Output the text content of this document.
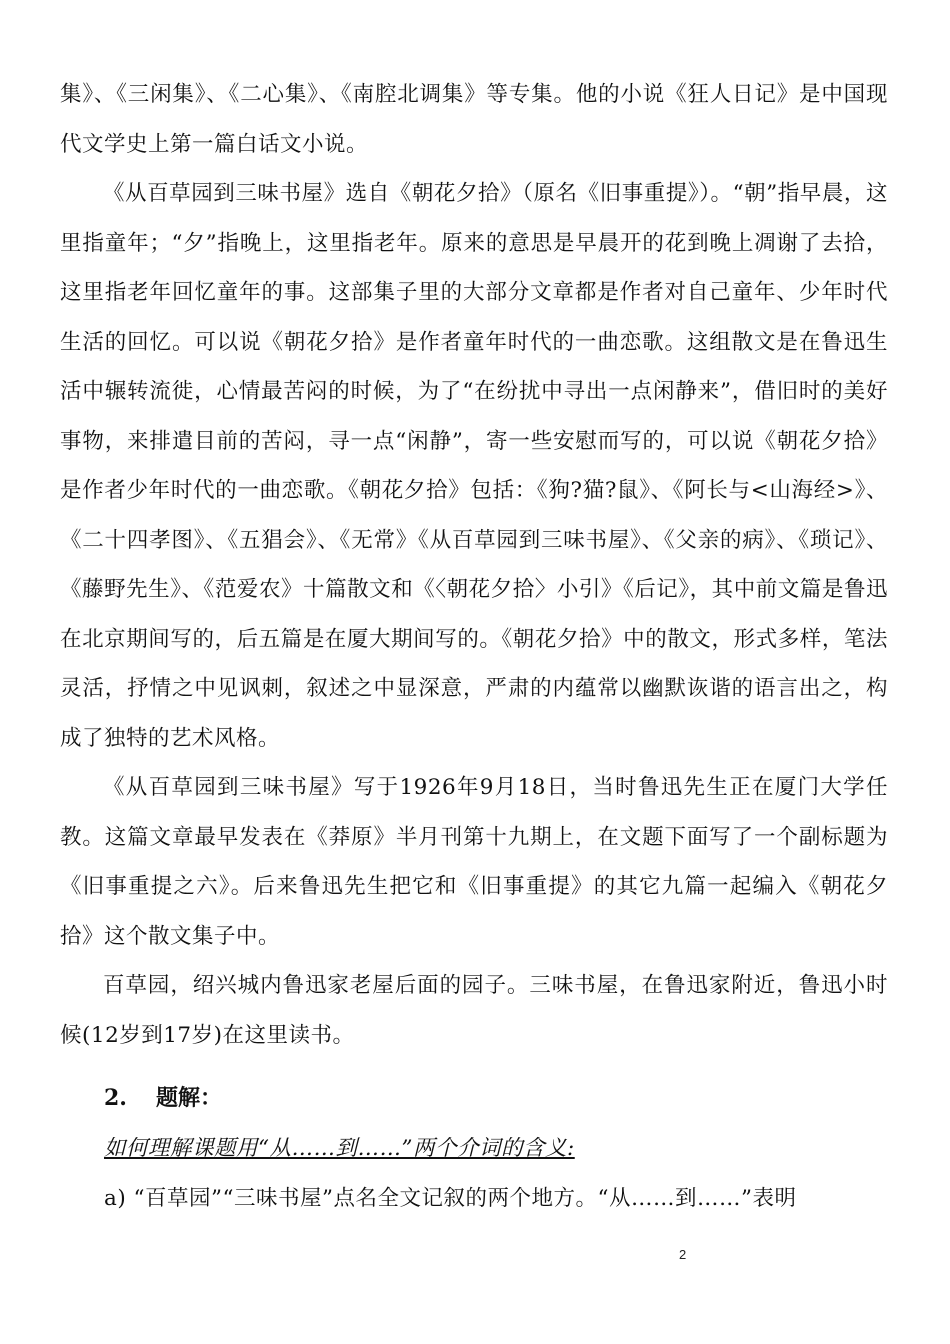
集》、《三闲集》、《二心集》、《南腔北调集》等专集。他的小说《狂人日记》是中国现代文学史上第一篇白话文小说。

《从百草园到三味书屋》选自《朝花夕拾》（原名《旧事重提》）。“朝”指早晨，这里指童年；“夕”指晚上，这里指老年。原来的意思是早晨开的花到晚上凋谢了去拾，这里指老年回忆童年的事。这部集子里的大部分文章都是作者对自己童年、少年时代生活的回忆。可以说《朝花夕拾》是作者童年时代的一曲恋歌。这组散文是在鲁迅生活中辗转流徙，心情最苦闷的时候，为了“在纷扰中寻出一点闲静来”，借旧时的美好事物，来排遣目前的苦闷，寻一点“闲静”，寄一些安慰而写的，可以说《朝花夕拾》是作者少年时代的一曲恋歌。《朝花夕拾》包括：《狗?猫?鼠》、《阿长与<山海经>》、《二十四孝图》、《五猖会》、《无常》《从百草园到三味书屋》、《父亲的病》、《琐记》、《藤野先生》、《范爱农》十篇散文和《〈朝花夕拾〉小引》《后记》，其中前文篇是鲁迅在北京期间写的，后五篇是在厦大期间写的。《朝花夕拾》中的散文，形式多样，笔法灵活，抒情之中见讽刺，叙述之中显深意，严肃的内蕴常以幽默诙谐的语言出之，构成了独特的艺术风格。

《从百草园到三味书屋》写于1926年9月18日，当时鲁迅先生正在厦门大学任教。这篇文章最早发表在《莽原》半月刊第十九期上，在文题下面写了一个副标题为《旧事重提之六》。后来鲁迅先生把它和《旧事重提》的其它九篇一起编入《朝花夕拾》这个散文集子中。

百草园，绍兴城内鲁迅家老屋后面的园子。三味书屋，在鲁迅家附近，鲁迅小时候(12岁到17岁)在这里读书。

2. 题解：

如何理解课题用“从……到……”两个介词的含义:

a) “百草园”“三味书屋”点名全文记叙的两个地方。“从……到……”表明

2
